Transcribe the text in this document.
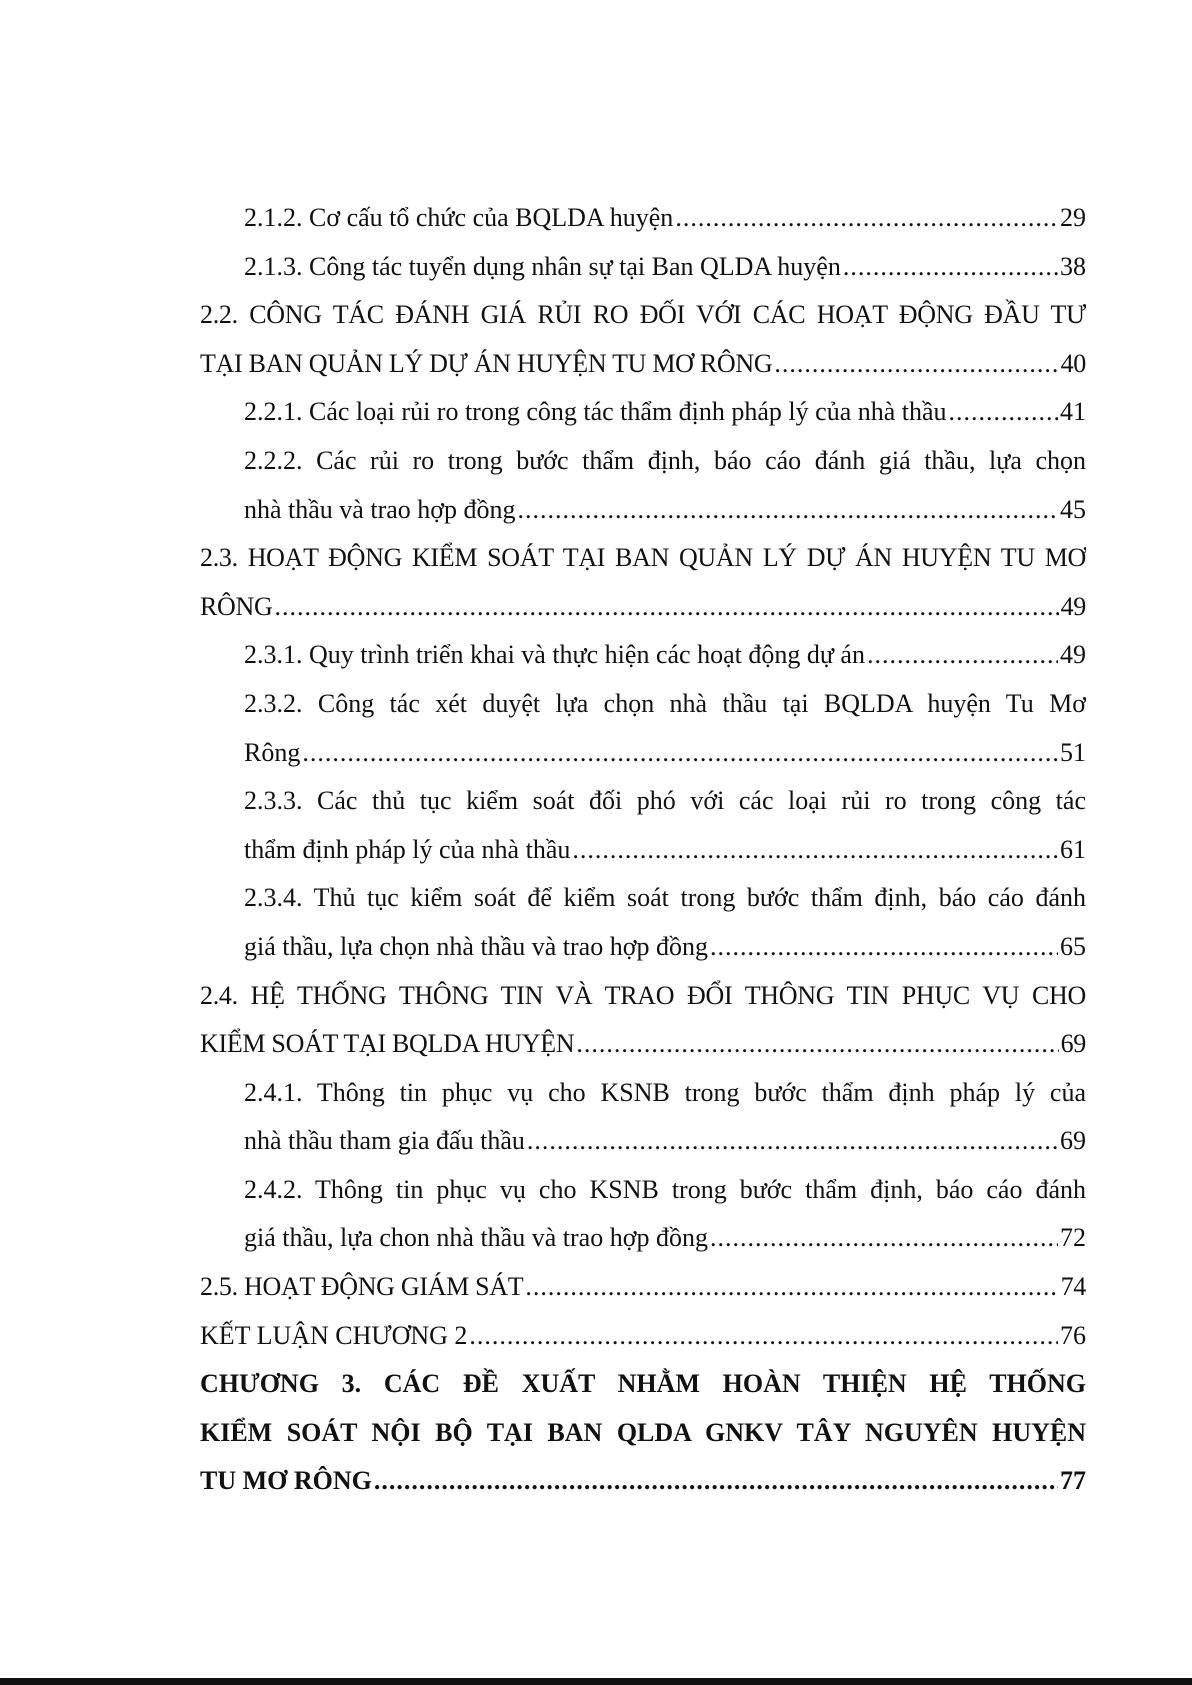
2.1.2. Cơ cấu tổ chức của BQLDA huyện .....	29
2.1.3. Công tác tuyển dụng nhân sự tại Ban QLDA huyện .....	38
2.2. CÔNG TÁC ĐÁNH GIÁ RỦI RO ĐỐI VỚI CÁC HOẠT ĐỘNG ĐẦU TƯ
TẠI BAN QUẢN LÝ DỰ ÁN HUYỆN TU MƠ RÔNG .....	40
2.2.1. Các loại rủi ro trong công tác thẩm định pháp lý của nhà thầu .....	41
2.2.2. Các rủi ro trong bước thẩm định, báo cáo đánh giá thầu, lựa chọn
nhà thầu và trao hợp đồng .....	45
2.3. HOẠT ĐỘNG KIỂM SOÁT TẠI BAN QUẢN LÝ DỰ ÁN HUYỆN TU MƠ
RÔNG .....	49
2.3.1. Quy trình triển khai và thực hiện các hoạt động dự án .....	49
2.3.2. Công tác xét duyệt lựa chọn nhà thầu tại BQLDA huyện Tu Mơ
Rông .....	51
2.3.3. Các thủ tục kiểm soát đối phó với các loại rủi ro trong công tác
thẩm định pháp lý của nhà thầu .....	61
2.3.4. Thủ tục kiểm soát để kiểm soát trong bước thẩm định, báo cáo đánh
giá thầu, lựa chọn nhà thầu và trao hợp đồng .....	65
2.4. HỆ THỐNG THÔNG TIN VÀ TRAO ĐỔI THÔNG TIN PHỤC VỤ CHO
KIỂM SOÁT TẠI BQLDA HUYỆN .....	69
2.4.1. Thông tin phục vụ cho KSNB trong bước thẩm định pháp lý của
nhà thầu tham gia đấu thầu .....	69
2.4.2. Thông tin phục vụ cho KSNB trong bước thẩm định, báo cáo đánh
giá thầu, lựa chon nhà thầu và trao hợp đồng .....	72
2.5. HOẠT ĐỘNG GIÁM SÁT .....	74
KẾT LUẬN CHƯƠNG 2 .....	76
CHƯƠNG 3. CÁC ĐỀ XUẤT NHẰM HOÀN THIỆN HỆ THỐNG
KIỂM SOÁT NỘI BỘ TẠI BAN QLDA GNKV TÂY NGUYÊN HUYỆN
TU MƠ RÔNG .....	77
